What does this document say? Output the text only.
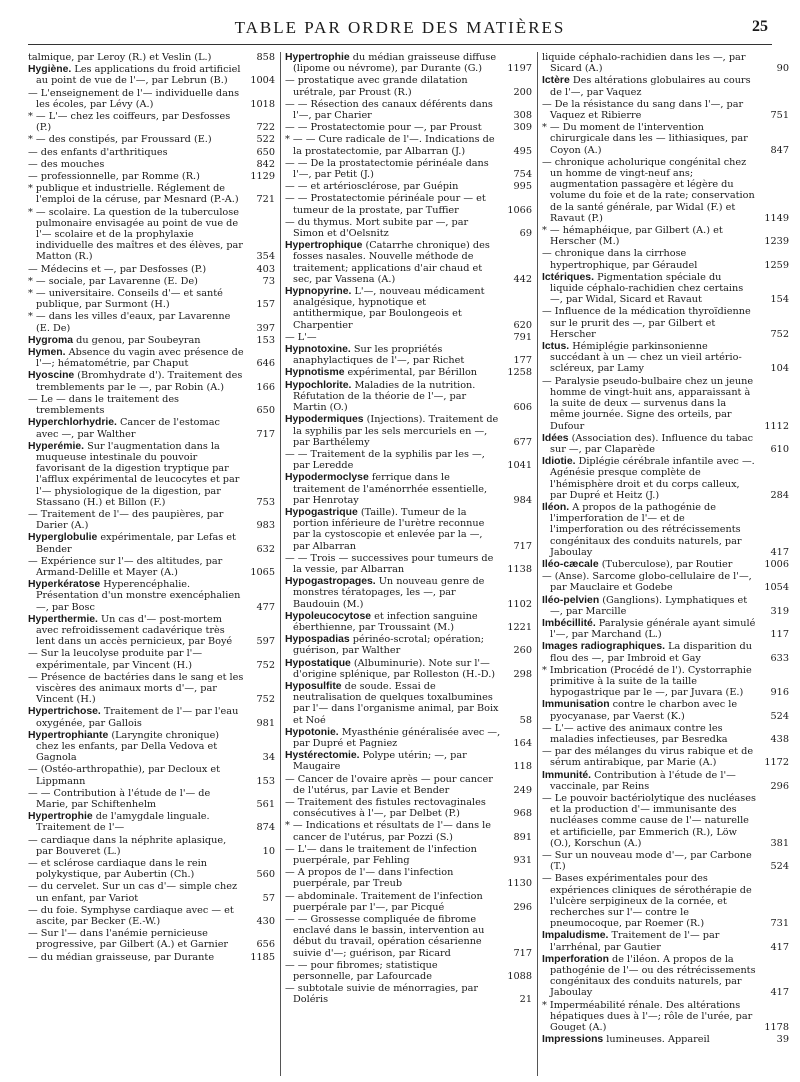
TABLE PAR ORDRE DES MATIÈRES	25

talmique, par Leroy (R.) et Veslin (L.)	858

Hygiène. Les applications du froid artificiel au point de vue de l'—, par Lebrun (B.)	1004

— L'enseignement de l'— individuelle dans les écoles, par Lévy (A.)	1018

* — L'— chez les coiffeurs, par Desfosses (P.)	722

* — des constipés, par Froussard (E.)	522

— des enfants d'arthritiques	650

— des mouches	842

— professionnelle, par Romme (R.)	1129

* publique et industrielle. Réglement de l'emploi de la céruse, par Mesnard (P.-A.)	721

* — scolaire. La question de la tuberculose pulmonaire envisagée au point de vue de l'— scolaire et de la prophylaxie individuelle des maîtres et des élèves, par Matton (R.)	354

— Médecins et —, par Desfosses (P.)	403

* — sociale, par Lavarenne (E. De)	73

* — universitaire. Conseils d'— et santé publique, par Surmont (H.)	157

* — dans les villes d'eaux, par Lavarenne (E. De)	397

Hygroma du genou, par Soubeyran	153

Hymen. Absence du vagin avec présence de l'—; hématométrie, par Chaput	646

Hyoscine (Bromhydrate d'). Traitement des tremblements par le —, par Robin (A.)	166

— Le — dans le traitement des tremblements	650

Hyperchlorhydrie. Cancer de l'estomac avec —, par Walther	717

Hyperémie. Sur l'augmentation dans la muqueuse intestinale du pouvoir favorisant de la digestion tryptique par l'afflux expérimental de leucocytes et par l'— physiologique de la digestion, par Stassano (H.) et Billon (F.)	753

— Traitement de l'— des paupières, par Darier (A.)	983

Hyperglobulie expérimentale, par Lefas et Bender	632

— Expérience sur l'— des altitudes, par Armand-Delille et Mayer (A.)	1065

Hyperkératose Hyperencéphalie. Présentation d'un monstre exencéphalien —, par Bosc	477

Hyperthermie. Un cas d'— post-mortem avec refroidissement cadavérique très lent dans un accès pernicieux, par Boyé	597

— Sur la leucolyse produite par l'— expérimentale, par Vincent (H.)	752

— Présence de bactéries dans le sang et les viscères des animaux morts d'—, par Vincent (H.)	752

Hypertrichose. Traitement de l'— par l'eau oxygénée, par Gallois	981

Hypertrophiante (Laryngite chronique) chez les enfants, par Della Vedova et Gagnola	34

— (Ostéo-arthropathie), par Decloux et Lippmann	153

— — Contribution à l'étude de l'— de Marie, par Schiftenhelm	561

Hypertrophie de l'amygdale linguale. Traitement de l'—	874

— cardiaque dans la néphrite aplasique, par Bouveret (L.)	10

— et sclérose cardiaque dans le rein polykystique, par Aubertin (Ch.)	560

— du cervelet. Sur un cas d'— simple chez un enfant, par Variot	57

— du foie. Symphyse cardiaque avec — et ascite, par Becker (E.-W.)	430

— Sur l'— dans l'anémie pernicieuse progressive, par Gilbert (A.) et Garnier	656

— du médian graisseuse, par Durante	1185

Hypertrophie du médian graisseuse diffuse (lipome ou névrome), par Durante (G.)	1197

— prostatique avec grande dilatation urétrale, par Proust (R.)	200

— — Résection des canaux déférents dans l'—, par Charier	308

— — Prostatectomie pour —, par Proust	309

* — — Cure radicale de l'—. Indications de la prostatectomie, par Albarran (J.)	495

— — De la prostatectomie périnéale dans l'—, par Petit (J.)	754

— — et artériosclérose, par Guépin	995

— — Prostatectomie périnéale pour — et tumeur de la prostate, par Tuffier	1066

— du thymus. Mort subite par —, par Simon et d'Oelsnitz	69

Hypertrophique (Catarrhe chronique) des fosses nasales. Nouvelle méthode de traitement; applications d'air chaud et sec, par Vassena (A.)	442

Hypnopyrine. L'—, nouveau médicament analgésique, hypnotique et antithermique, par Boulongeois et Charpentier	620

— L'—	791

Hypnotoxine. Sur les propriétés anaphylactiques de l'—, par Richet	177

Hypnotisme expérimental, par Bérillon	1258

Hypochlorite. Maladies de la nutrition. Réfutation de la théorie de l'—, par Martin (O.)	606

Hypodermiques (Injections). Traitement de la syphilis par les sels mercuriels en —, par Barthélemy	677

— — Traitement de la syphilis par les —, par Leredde	1041

Hypodermoclyse ferrique dans le traitement de l'aménorrhée essentielle, par Henrotay	984

Hypogastrique (Taille). Tumeur de la portion inférieure de l'urètre reconnue par la cystoscopie et enlevée par la —, par Albarran	717

— — Trois — successives pour tumeurs de la vessie, par Albarran	1138

Hypogastropages. Un nouveau genre de monstres tératopages, les —, par Baudouin (M.)	1102

Hypoleucocytose et infection sanguine éberthienne, par Troussaint (M.)	1221

Hypospadias périnéo-scrotal; opération; guérison, par Walther	260

Hypostatique (Albuminurie). Note sur l'— d'origine splénique, par Rolleston (H.-D.)	298

Hyposulfite de soude. Essai de neutralisation de quelques toxalbumines par l'— dans l'organisme animal, par Boix et Noé	58

Hypotonie. Myasthénie généralisée avec —, par Dupré et Pagniez	164

Hystérectomie. Polype utérin; —, par Maugaire	118

— Cancer de l'ovaire après — pour cancer de l'utérus, par Lavie et Bender	249

— Traitement des fistules rectovaginales consécutives à l'—, par Delbet (P.)	968

* — Indications et résultats de l'— dans le cancer de l'utérus, par Pozzi (S.)	891

— L'— dans le traitement de l'infection puerpérale, par Fehling	931

— A propos de l'— dans l'infection puerpérale, par Treub	1130

— abdominale. Traitement de l'infection puerpérale par l'—, par Picqué	296

— — Grossesse compliquée de fibrome enclavé dans le bassin, intervention au début du travail, opération césarienne suivie d'—; guérison, par Ricard	717

— — pour fibromes; statistique personnelle, par Lafourcade	1088

— subtotale suivie de ménorragies, par Doléris	21

liquide céphalo-rachidien dans les —, par Sicard (A.)	90

Ictère Des altérations globulaires au cours de l'—, par Vaquez

— De la résistance du sang dans l'—, par Vaquez et Ribierre	751

* — Du moment de l'intervention chirurgicale dans les — lithiasiques, par Coyon (A.)	847

— chronique acholurique congénital chez un homme de vingt-neuf ans; augmentation passagère et légère du volume du foie et de la rate; conservation de la santé générale, par Widal (F.) et Ravaut (P.)	1149

* — hémaphéique, par Gilbert (A.) et Herscher (M.)	1239

— chronique dans la cirrhose hypertrophique, par Géraudel	1259

Ictériques. Pigmentation spéciale du liquide céphalo-rachidien chez certains —, par Widal, Sicard et Ravaut	154

— Influence de la médication thyroïdienne sur le prurit des —, par Gilbert et Herscher	752

Ictus. Hémiplégie parkinsonienne succédant à un — chez un vieil artério-scléreux, par Lamy	104

— Paralysie pseudo-bulbaire chez un jeune homme de vingt-huit ans, apparaissant à la suite de deux — survenus dans la même journée. Signe des orteils, par Dufour	1112

Idées (Association des). Influence du tabac sur —, par Claparède	610

Idiotie. Diplégie cérébrale infantile avec —. Agénésie presque complète de l'hémisphère droit et du corps calleux, par Dupré et Heitz (J.)	284

Iléon. A propos de la pathogénie de l'imperforation de l'— et de l'imperforation ou des rétrécissements congénitaux des conduits naturels, par Jaboulay	417

Iléo-cæcale (Tuberculose), par Routier	1006

— (Anse). Sarcome globo-cellulaire de l'—, par Mauclaire et Godebe	1054

Iléo-pelvien (Ganglions). Lymphatiques et —, par Marcille	319

Imbécillité. Paralysie générale ayant simulé l'—, par Marchand (L.)	117

Images radiographiques. La disparition du flou des —, par Imbroid et Gay	633

* Imbrication (Procédé de l'). Cystorraphie primitive à la suite de la taille hypogastrique par le —, par Juvara (E.)	916

Immunisation contre le charbon avec le pyocyanase, par Vaerst (K.)	524

— L'— active des animaux contre les maladies infectieuses, par Besredka	438

— par des mélanges du virus rabique et de sérum antirabique, par Marie (A.)	1172

Immunité. Contribution à l'étude de l'—vaccinale, par Reins	296

— Le pouvoir bactériolytique des nucléases et la production d'— immunisante des nucléases comme cause de l'— naturelle et artificielle, par Emmerich (R.), Löw (O.), Korschun (A.)	381

— Sur un nouveau mode d'—, par Carbone (T.)	524

— Bases expérimentales pour des expériences cliniques de sérothérapie de l'ulcère serpigineux de la cornée, et recherches sur l'— contre le pneumocoque, par Roemer (R.)	731

Impaludisme. Traitement de l'— par l'arrhénal, par Gautier	417

Imperforation de l'iléon. A propos de la pathogénie de l'— ou des rétrécissements congénitaux des conduits naturels, par Jaboulay	417

* Imperméabilité rénale. Des altérations hépatiques dues à l'—; rôle de l'urée, par Gouget (A.)	1178

Impressions lumineuses. Appareil	39
